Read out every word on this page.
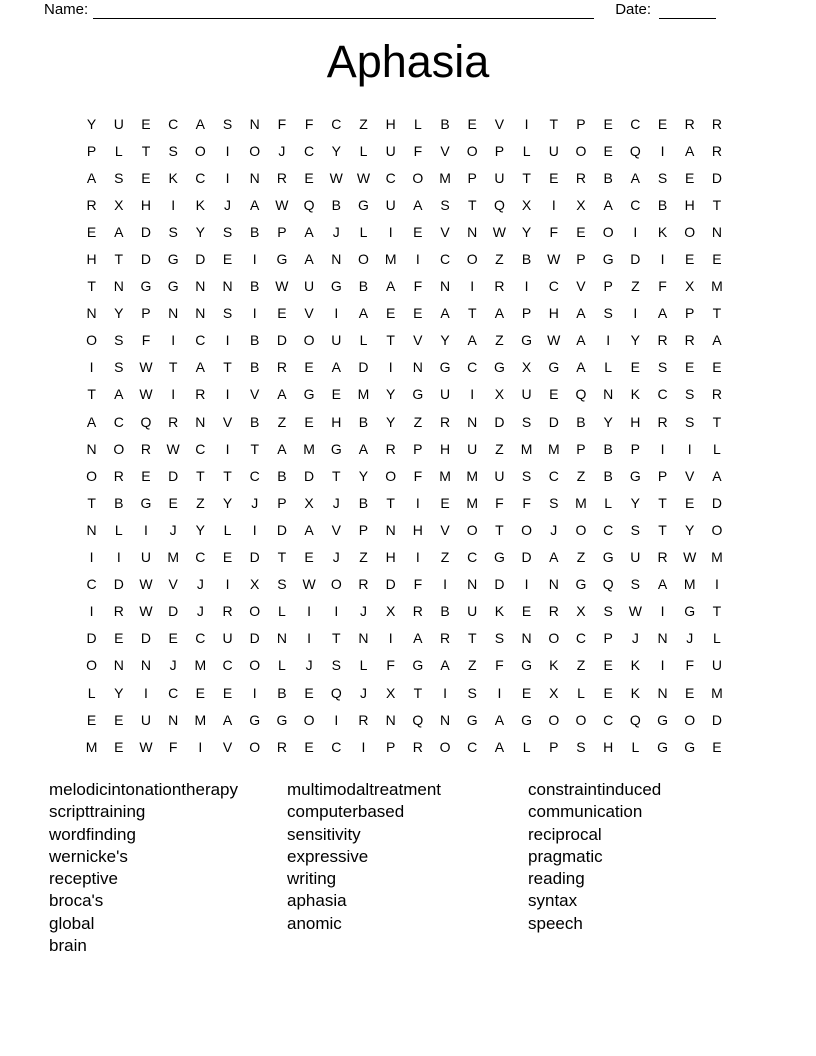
Name:	Date:
Aphasia
Y	U	E	C	A	S	N	F	F	C	Z	H	L	B	E	V	I	T	P	E	C	E	R	R
P	L	T	S	O	I	O	J	C	Y	L	U	F	V	O	P	L	U	O	E	Q	I	A	R
A	S	E	K	C	I	N	R	E	W W	C	O	M	P	U	T	E	R	B	A	S	E	D
R	X	H	I	K	J	A	W	Q	B	G	U	A	S	T	Q	X	I	X	A	C	B	H	T
E	A	D	S	Y	S	B	P	A	J	L	I	E	V	N	W	Y	F	E	O	I	K	O	N
H	T	D	G	D	E	I	G	A	N	O	M	I	C	O	Z	B	W	P	G	D	I	E	E
T	N	G	G	N	N	B	W	U	G	B	A	F	N	I	R	I	C	V	P	Z	F	X	M
N	Y	P	N	N	S	I	E	V	I	A	E	E	A	T	A	P	H	A	S	I	A	P	T
O	S	F	I	C	I	B	D	O	U	L	T	V	Y	A	Z	G	W	A	I	Y	R	R	A
I	S	W	T	A	T	B	R	E	A	D	I	N	G	C	G	X	G	A	L	E	S	E	E
T	A	W	I	R	I	V	A	G	E	M	Y	G	U	I	X	U	E	Q	N	K	C	S	R
A	C	Q	R	N	V	B	Z	E	H	B	Y	Z	R	N	D	S	D	B	Y	H	R	S	T
N	O	R	W	C	I	T	A	M	G	A	R	P	H	U	Z	M	M	P	B	P	I	I	L
O	R	E	D	T	T	C	B	D	T	Y	O	F	M	M	U	S	C	Z	B	G	P	V	A
T	B	G	E	Z	Y	J	P	X	J	B	T	I	E	M	F	F	S	M	L	Y	T	E	D
N	L	I	J	Y	L	I	D	A	V	P	N	H	V	O	T	O	J	O	C	S	T	Y	O
I	I	U	M	C	E	D	T	E	J	Z	H	I	Z	C	G	D	A	Z	G	U	R	W	M
C	D	W	V	J	I	X	S	W	O	R	D	F	I	N	D	I	N	G	Q	S	A	M	I
I	R	W	D	J	R	O	L	I	I	J	X	R	B	U	K	E	R	X	S	W	I	G	T
D	E	D	E	C	U	D	N	I	T	N	I	A	R	T	S	N	O	C	P	J	N	J	L
O	N	N	J	M	C	O	L	J	S	L	F	G	A	Z	F	G	K	Z	E	K	I	F	U
L	Y	I	C	E	E	I	B	E	Q	J	X	T	I	S	I	E	X	L	E	K	N	E	M
E	E	U	N	M	A	G	G	O	I	R	N	Q	N	G	A	G	O	O	C	Q	G	O	D
M	E	W	F	I	V	O	R	E	C	I	P	R	O	C	A	L	P	S	H	L	G	G	E
melodicintonationtherapy
scripttraining
wordfinding
wernicke's
receptive
broca's
global
brain
multimodaltreatment
computerbased
sensitivity
expressive
writing
aphasia
anomic
constraintinduced
communication
reciprocal
pragmatic
reading
syntax
speech
